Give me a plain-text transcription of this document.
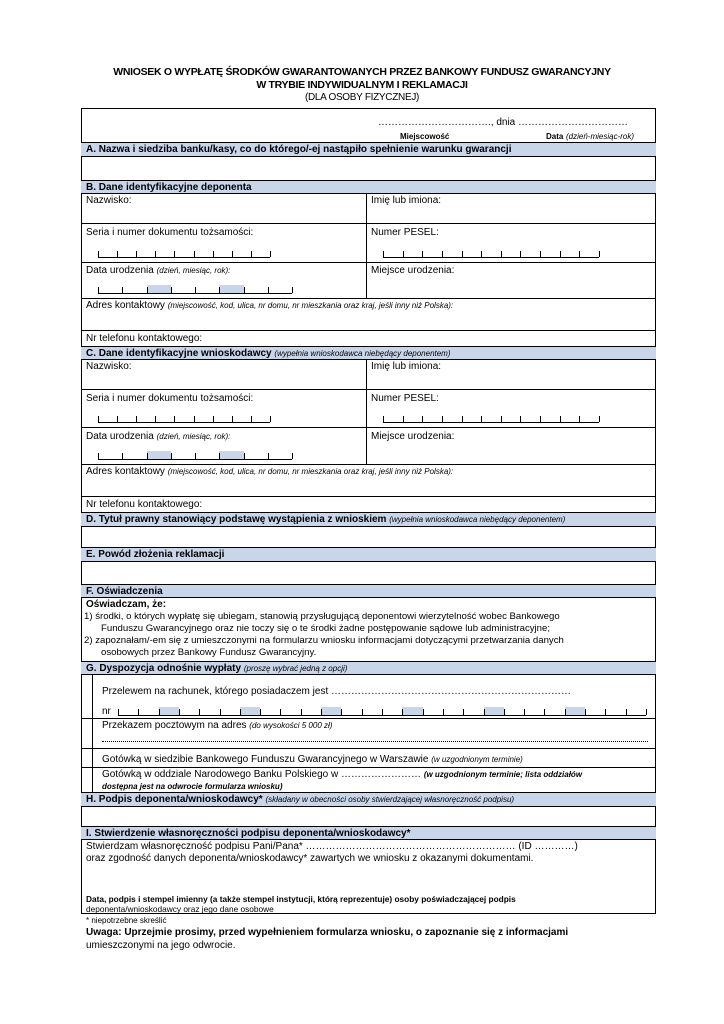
WNIOSEK O WYPŁATĘ ŚRODKÓW GWARANTOWANYCH PRZEZ BANKOWY FUNDUSZ GWARANCYJNY
W TRYBIE INDYWIDUALNYM I REKLAMACJI
(DLA OSOBY FIZYCZNEJ)
……………………………., dnia ……………………………
Miejscowość	Data (dzień-miesiąc-rok)
A. Nazwa i siedziba banku/kasy, co do którego/-ej nastąpiło spełnienie warunku gwarancji
B. Dane identyfikacyjne deponenta
Nazwisko:	Imię lub imiona:
Seria i numer dokumentu tożsamości:	Numer PESEL:
Data urodzenia (dzień, miesiąc, rok):	Miejsce urodzenia:
Adres kontaktowy (miejscowość, kod, ulica, nr domu, nr mieszkania oraz kraj, jeśli inny niż Polska):
Nr telefonu kontaktowego:
C. Dane identyfikacyjne wnioskodawcy (wypełnia wnioskodawca niebędący deponentem)
Nazwisko:	Imię lub imiona:
Seria i numer dokumentu tożsamości:	Numer PESEL:
Data urodzenia (dzień, miesiąc, rok):	Miejsce urodzenia:
Adres kontaktowy (miejscowość, kod, ulica, nr domu, nr mieszkania oraz kraj, jeśli inny niż Polska):
Nr telefonu kontaktowego:
D. Tytuł prawny stanowiący podstawę wystąpienia z wnioskiem (wypełnia wnioskodawca niebędący deponentem)
E. Powód złożenia reklamacji
F. Oświadczenia
Oświadczam, że:
1) środki, o których wypłatę się ubiegam, stanowią przysługującą deponentowi wierzytelność wobec Bankowego
Funduszu Gwarancyjnego oraz nie toczy się o te środki żadne postępowanie sądowe lub administracyjne;
2) zapoznałam/-em się z umieszczonymi na formularzu wniosku informacjami dotyczącymi przetwarzania danych
osobowych przez Bankowy Fundusz Gwarancyjny.
G. Dyspozycja odnośnie wypłaty (proszę wybrać jedną z opcji)
Przelewem na rachunek, którego posiadaczem jest ………………………………………………………………
nr
Przekazem pocztowym na adres (do wysokości 5 000 zł)
Gotówką w siedzibie Bankowego Funduszu Gwarancyjnego w Warszawie (w uzgodnionym terminie)
Gotówką w oddziale Narodowego Banku Polskiego w …………………… (w uzgodnionym terminie; lista oddziałów
dostępna jest na odwrocie formularza wniosku)
H. Podpis deponenta/wnioskodawcy* (składany w obecności osoby stwierdzającej własnoręczność podpisu)
I. Stwierdzenie własnoręczności podpisu deponenta/wnioskodawcy*
Stwierdzam własnoręczność podpisu Pani/Pana* ……………………………………………………… (ID …………)
oraz zgodność danych deponenta/wnioskodawcy* zawartych we wniosku z okazanymi dokumentami.
Data, podpis i stempel imienny (a także stempel instytucji, którą reprezentuje) osoby poświadczającej podpis
deponenta/wnioskodawcy oraz jego dane osobowe
* niepotrzebne skreślić
Uwaga: Uprzejmie prosimy, przed wypełnieniem formularza wniosku, o zapoznanie się z informacjami
umieszczonymi na jego odwrocie.
